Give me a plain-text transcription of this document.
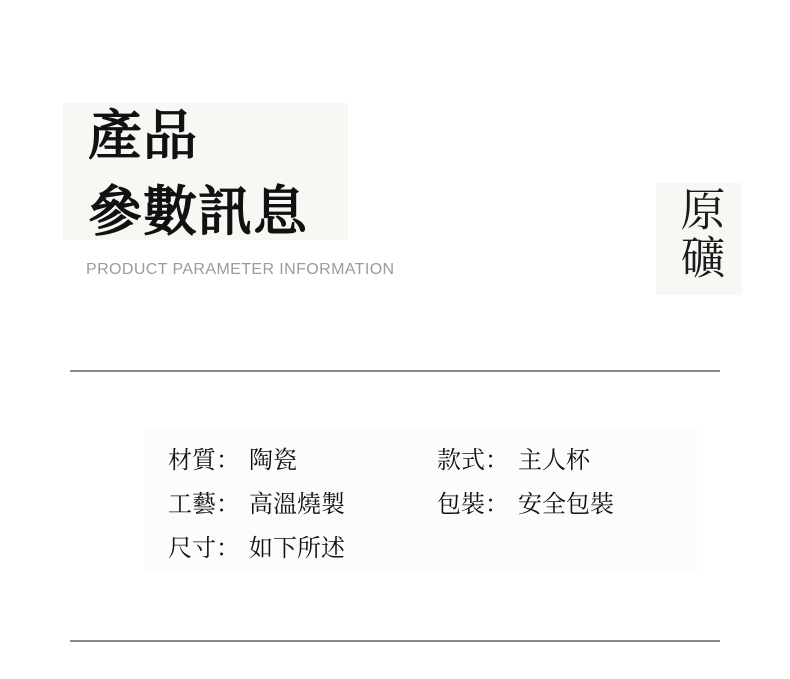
產品
參數訊息
PRODUCT PARAMETER INFORMATION	原礦
材質： 陶瓷
工藝： 高溫燒製
尺寸： 如下所述
款式： 主人杯
包裝： 安全包裝
